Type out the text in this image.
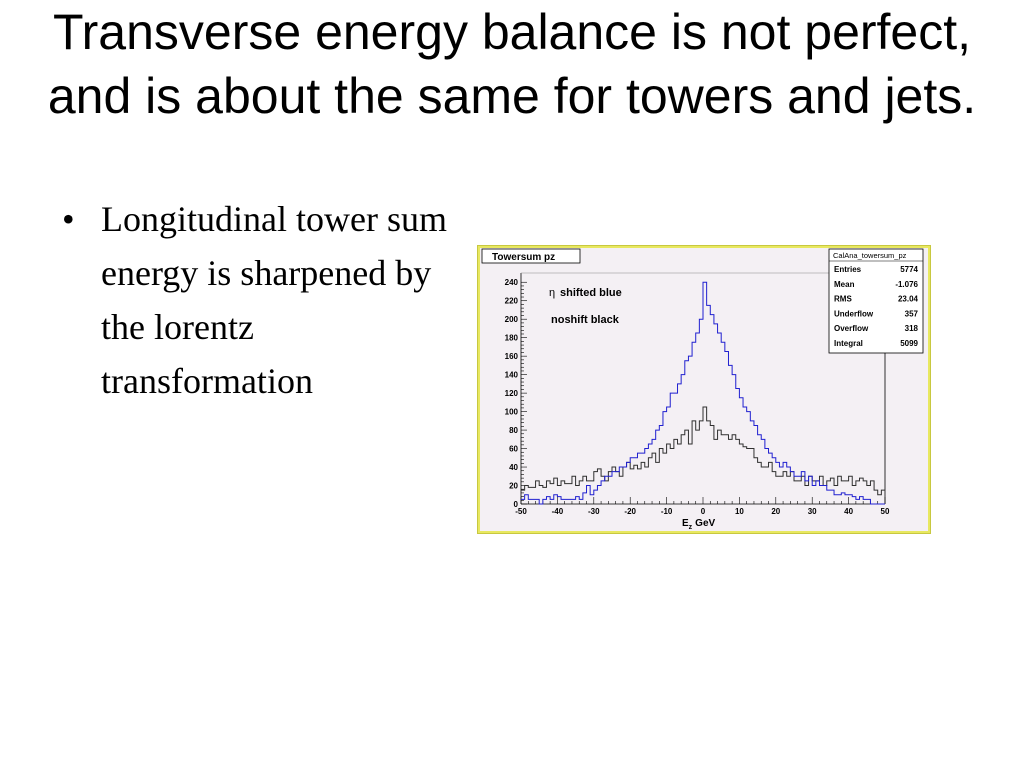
Transverse energy balance is not perfect, and is about the same for towers and jets.
• Longitudinal tower sum energy is sharpened by the lorentz transformation
Towersum pz
0
20
40
60
80
100
120
140
160
180
200
220
240
-50	-40	-30	-20	-10	0	10	20	30	40	50
η shifted blue
noshift black
CalAna_towersum_pz
Entries	5774
Mean	-1.076
RMS	23.04
Underflow	357
Overflow	318
Integral	5099
$E_z$ GeV
